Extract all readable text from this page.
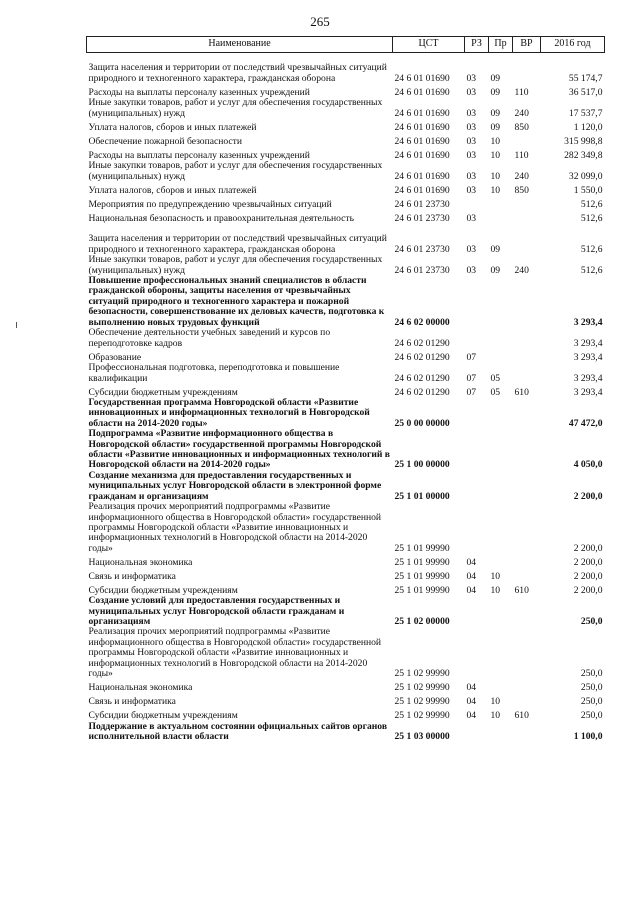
265
Наименование	ЦСТ	РЗ	Пр	ВР	2016 год
Защита населения и территории от последствий чрезвычайных ситуаций природного и техногенного характера, гражданская оборона	24 6 01 01690	03	09		55 174,7
Расходы на выплаты персоналу казенных учреждений	24 6 01 01690	03	09	110	36 517,0
Иные закупки товаров, работ и услуг для обеспечения государственных (муниципальных) нужд	24 6 01 01690	03	09	240	17 537,7
Уплата налогов, сборов и иных платежей	24 6 01 01690	03	09	850	1 120,0
Обеспечение пожарной безопасности	24 6 01 01690	03	10		315 998,8
Расходы на выплаты персоналу казенных учреждений	24 6 01 01690	03	10	110	282 349,8
Иные закупки товаров, работ и услуг для обеспечения государственных (муниципальных) нужд	24 6 01 01690	03	10	240	32 099,0
Уплата налогов, сборов и иных платежей	24 6 01 01690	03	10	850	1 550,0
Мероприятия по предупреждению чрезвычайных ситуаций	24 6 01 23730				512,6
Национальная безопасность и правоохранительная деятельность	24 6 01 23730	03			512,6
Защита населения и территории от последствий чрезвычайных ситуаций природного и техногенного характера, гражданская оборона	24 6 01 23730	03	09		512,6
Иные закупки товаров, работ и услуг для обеспечения государственных (муниципальных) нужд	24 6 01 23730	03	09	240	512,6
Повышение профессиональных знаний специалистов в области гражданской обороны, защиты населения от чрезвычайных ситуаций природного и техногенного характера и пожарной безопасности, совершенствование их деловых качеств, подготовка к выполнению новых трудовых функций	24 6 02 00000				3 293,4
Обеспечение деятельности учебных заведений и курсов по переподготовке кадров	24 6 02 01290				3 293,4
Образование	24 6 02 01290	07			3 293,4
Профессиональная подготовка, переподготовка и повышение квалификации	24 6 02 01290	07	05		3 293,4
Субсидии бюджетным учреждениям	24 6 02 01290	07	05	610	3 293,4
Государственная программа Новгородской области «Развитие инновационных и информационных технологий в Новгородской области на 2014-2020 годы»	25 0 00 00000				47 472,0
Подпрограмма «Развитие информационного общества в Новгородской области» государственной программы Новгородской области «Развитие инновационных и информационных технологий в Новгородской области на 2014-2020 годы»	25 1 00 00000				4 050,0
Создание механизма для предоставления государственных и муниципальных услуг Новгородской области в электронной форме гражданам и организациям	25 1 01 00000				2 200,0
Реализация прочих мероприятий подпрограммы «Развитие информационного общества в Новгородской области» государственной программы Новгородской области «Развитие инновационных и информационных технологий в Новгородской области на 2014-2020 годы»	25 1 01 99990				2 200,0
Национальная экономика	25 1 01 99990	04			2 200,0
Связь и информатика	25 1 01 99990	04	10		2 200,0
Субсидии бюджетным учреждениям	25 1 01 99990	04	10	610	2 200,0
Создание условий для предоставления государственных и муниципальных услуг Новгородской области гражданам и организациям	25 1 02 00000				250,0
Реализация прочих мероприятий подпрограммы «Развитие информационного общества в Новгородской области» государственной программы Новгородской области «Развитие инновационных и информационных технологий в Новгородской области на 2014-2020 годы»	25 1 02 99990				250,0
Национальная экономика	25 1 02 99990	04			250,0
Связь и информатика	25 1 02 99990	04	10		250,0
Субсидии бюджетным учреждениям	25 1 02 99990	04	10	610	250,0
Поддержание в актуальном состоянии официальных сайтов органов исполнительной власти области	25 1 03 00000				1 100,0
